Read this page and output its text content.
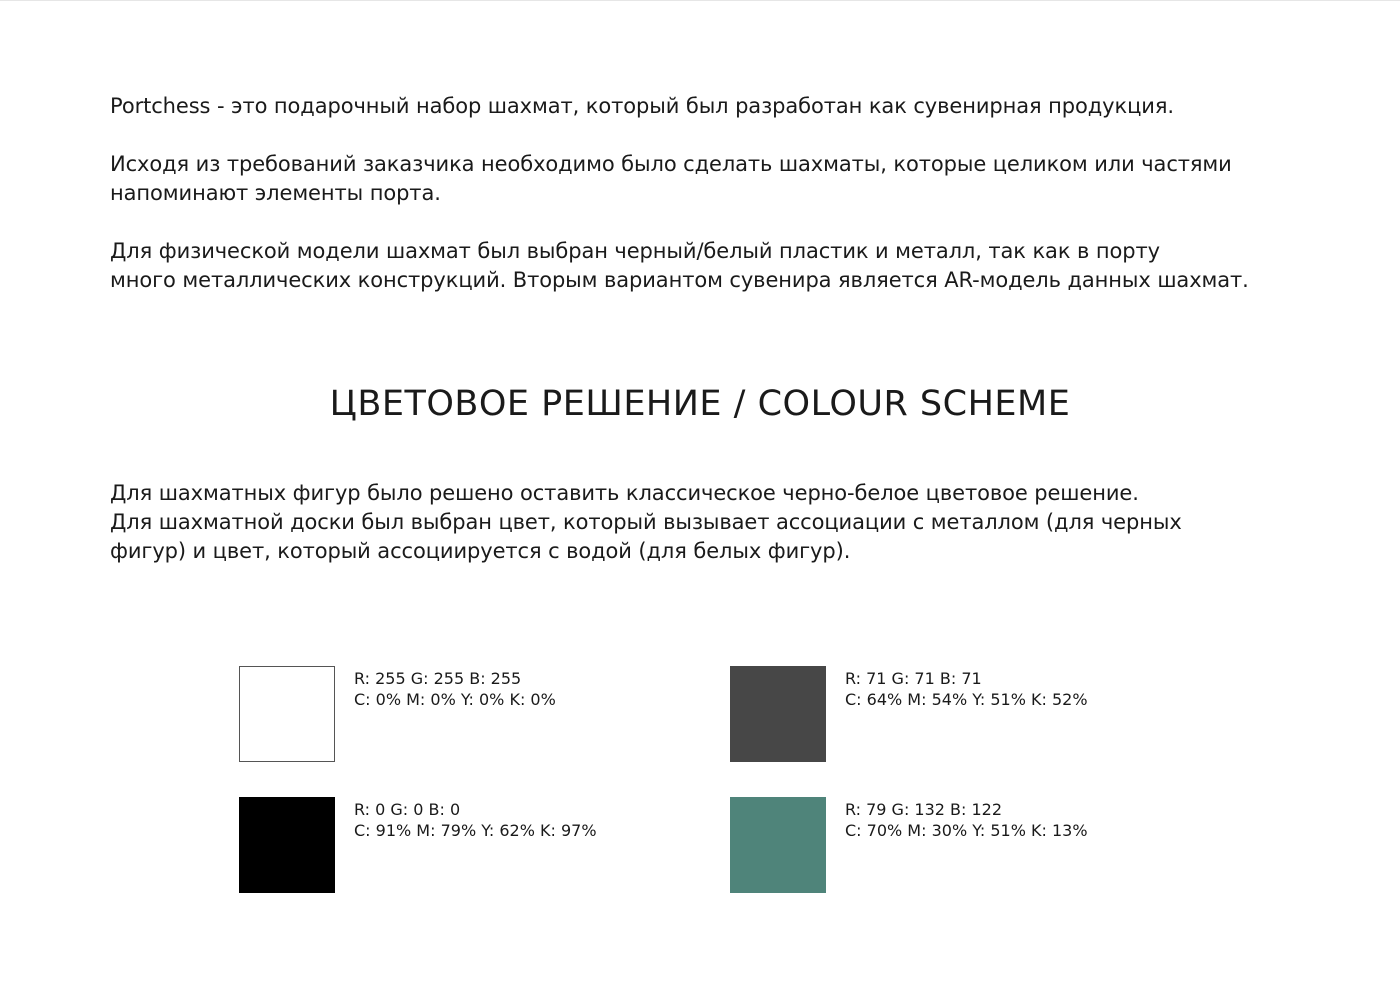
Portchess - это подарочный набор шахмат, который был разработан как сувенирная продукция.

Исходя из требований заказчика необходимо было сделать шахматы, которые целиком или частями
напоминают элементы порта.

Для физической модели шахмат был выбран черный/белый пластик и металл, так как в порту
много металлических конструкций. Вторым вариантом сувенира является AR-модель данных шахмат.

ЦВЕТОВОЕ РЕШЕНИЕ / COLOUR SCHEME
Для шахматных фигур было решено оставить классическое черно-белое цветовое решение.
Для шахматной доски был выбран цвет, который вызывает ассоциации с металлом (для черных
фигур) и цвет, который ассоциируется с водой (для белых фигур).
R: 255 G: 255 B: 255
C: 0% M: 0% Y: 0% K: 0%
R: 71 G: 71 B: 71
C: 64% M: 54% Y: 51% K: 52%
R: 0 G: 0 B: 0
C: 91% M: 79% Y: 62% K: 97%
R: 79 G: 132 B: 122
C: 70% M: 30% Y: 51% K: 13%
